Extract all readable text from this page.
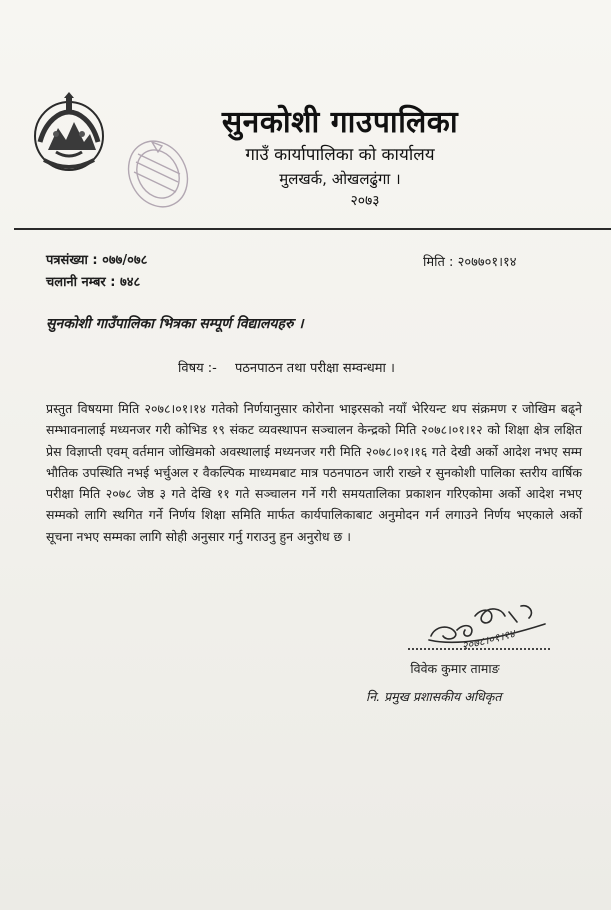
सुनकोशी गाउपालिका
गाउँ कार्यापालिका को कार्यालय
मुलखर्क, ओखलढुंगा ।
२०७३
पत्रसंख्या : ०७७/०७८
चलानी नम्बर : ७४८
मिति : २०७७०१।१४
सुनकोशी गाउँपालिका भित्रका सम्पूर्ण विद्यालयहरु ।
विषय :- पठनपाठन तथा परीक्षा सम्वन्धमा ।
प्रस्तुत विषयमा मिति २०७८।०१।१४ गतेको निर्णयानुसार कोरोना भाइरसको नयाँ भेरियन्ट थप संक्रमण र जोखिम बढ्ने सम्भावनालाई मध्यनजर गरी कोभिड १९ संकट व्यवस्थापन सञ्चालन केन्द्रको मिति २०७८।०१।१२ को शिक्षा क्षेत्र लक्षित प्रेस विज्ञाप्ती एवम् वर्तमान जोखिमको अवस्थालाई मध्यनजर गरी मिति २०७८।०१।१६ गते देखी अर्को आदेश नभए सम्म भौतिक उपस्थिति नभई भर्चुअल र वैकल्पिक माध्यमबाट मात्र पठनपाठन जारी राख्ने र सुनकोशी पालिका स्तरीय वार्षिक परीक्षा मिति २०७८ जेष्ठ ३ गते देखि ११ गते सञ्चालन गर्ने गरी समयतालिका प्रकाशन गरिएकोमा अर्को आदेश नभए सम्मको लागि स्थगित गर्ने निर्णय शिक्षा समिति मार्फत कार्यपालिकाबाट अनुमोदन गर्न लगाउने निर्णय भएकाले अर्को सूचना नभए सम्मका लागि सोही अनुसार गर्नु गराउनु हुन अनुरोध छ ।
२०७८।०१।१४
विवेक कुमार तामाङ
नि. प्रमुख प्रशासकीय अधिकृत
